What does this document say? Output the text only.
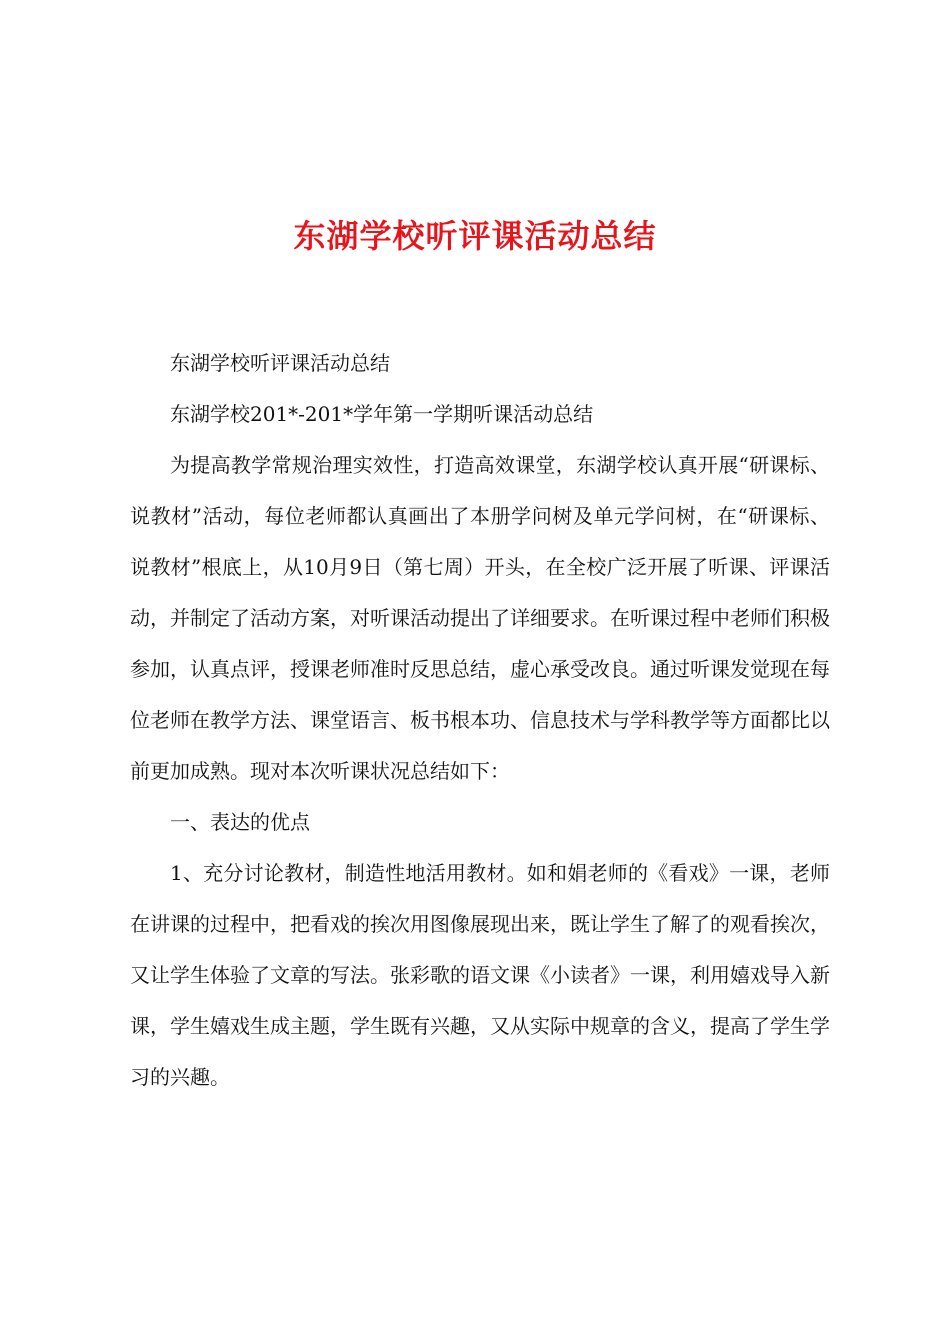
东湖学校听评课活动总结

东湖学校听评课活动总结

东湖学校201*-201*学年第一学期听课活动总结

为提高教学常规治理实效性，打造高效课堂，东湖学校认真开展“研课标、说教材”活动，每位老师都认真画出了本册学问树及单元学问树，在“研课标、说教材”根底上，从10月9日（第七周）开头，在全校广泛开展了听课、评课活动，并制定了活动方案，对听课活动提出了详细要求。在听课过程中老师们积极参加，认真点评，授课老师准时反思总结，虚心承受改良。通过听课发觉现在每位老师在教学方法、课堂语言、板书根本功、信息技术与学科教学等方面都比以前更加成熟。现对本次听课状况总结如下：

一、表达的优点

1、充分讨论教材，制造性地活用教材。如和娟老师的《看戏》一课，老师在讲课的过程中，把看戏的挨次用图像展现出来，既让学生了解了的观看挨次，又让学生体验了文章的写法。张彩歌的语文课《小读者》一课，利用嬉戏导入新课，学生嬉戏生成主题，学生既有兴趣，又从实际中规章的含义，提高了学生学习的兴趣。
